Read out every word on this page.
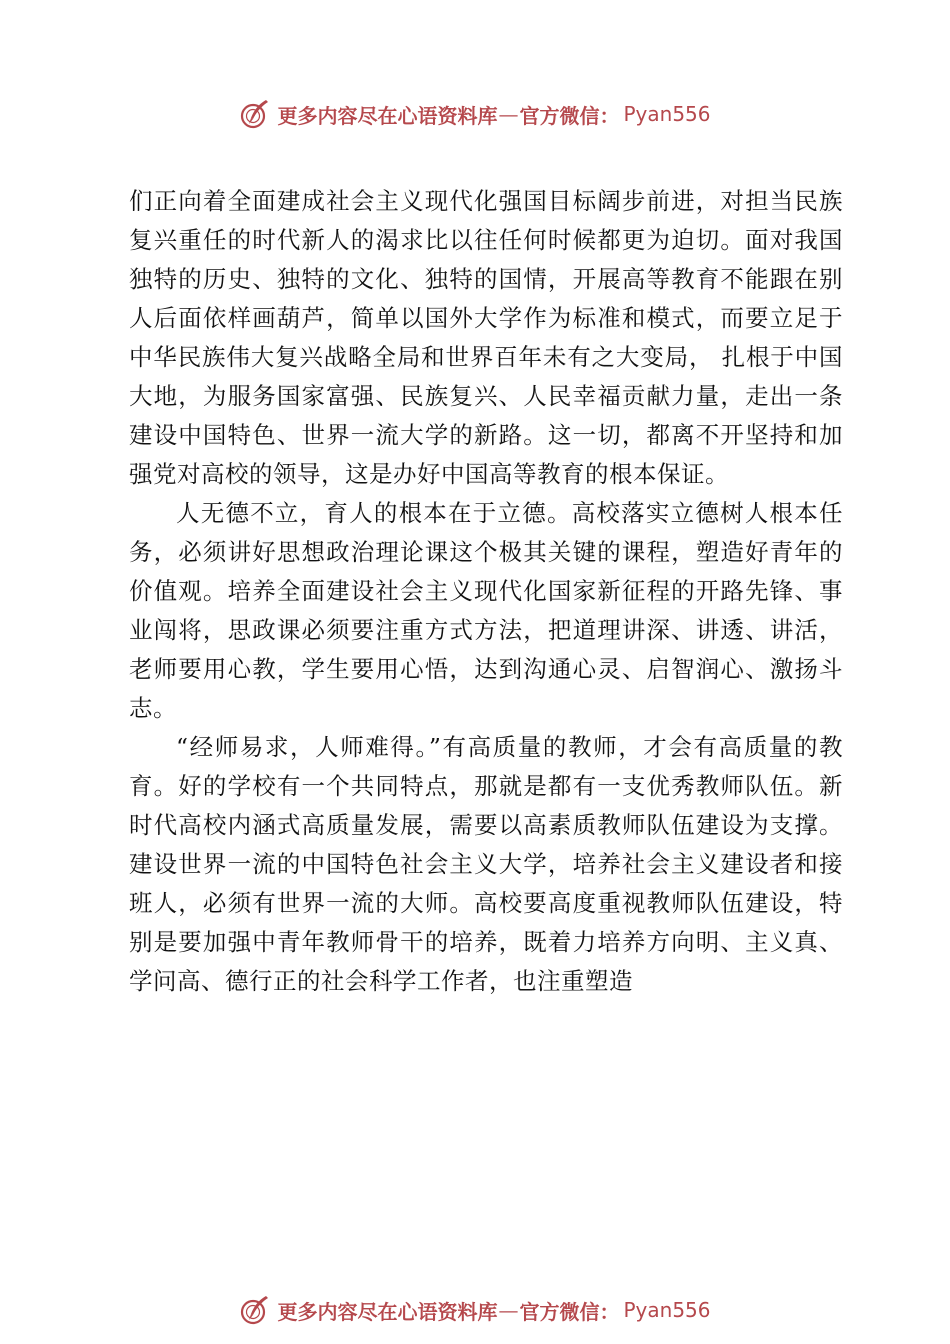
更多内容尽在心语资料库 — 官方微信： Pyan556

们正向着全面建成社会主义现代化强国目标阔步前进，对担当民族复兴重任的时代新人的渴求比以往任何时候都更为迫切。面对我国独特的历史、独特的文化、独特的国情，开展高等教育不能跟在别人后面依样画葫芦，简单以国外大学作为标准和模式，而要立足于中华民族伟大复兴战略全局和世界百年未有之大变局， 扎根于中国大地，为服务国家富强、民族复兴、人民幸福贡献力量，走出一条建设中国特色、世界一流大学的新路。这一切，都离不开坚持和加强党对高校的领导，这是办好中国高等教育的根本保证。

人无德不立，育人的根本在于立德。高校落实立德树人根本任务，必须讲好思想政治理论课这个极其关键的课程，塑造好青年的价值观。培养全面建设社会主义现代化国家新征程的开路先锋、事业闯将，思政课必须要注重方式方法，把道理讲深、讲透、讲活，老师要用心教，学生要用心悟，达到沟通心灵、启智润心、激扬斗志。

“经师易求，人师难得。”有高质量的教师，才会有高质量的教育。好的学校有一个共同特点，那就是都有一支优秀教师队伍。新时代高校内涵式高质量发展，需要以高素质教师队伍建设为支撑。建设世界一流的中国特色社会主义大学，培养社会主义建设者和接班人，必须有世界一流的大师。高校要高度重视教师队伍建设，特别是要加强中青年教师骨干的培养，既着力培养方向明、主义真、学问高、德行正的社会科学工作者，也注重塑造

更多内容尽在心语资料库 — 官方微信： Pyan556
